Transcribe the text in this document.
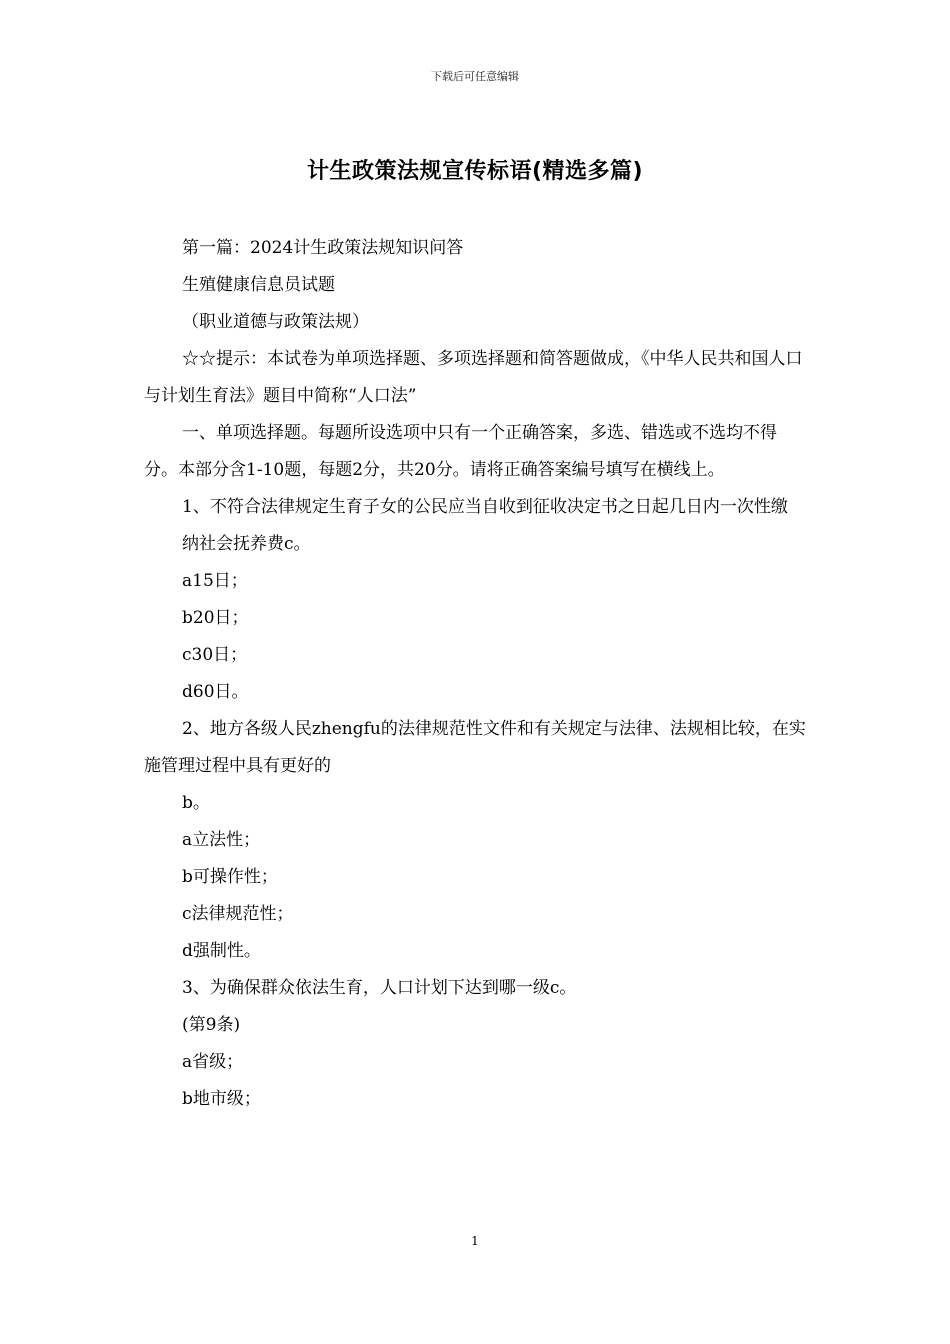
下载后可任意编辑
计生政策法规宣传标语(精选多篇)

第一篇：2024计生政策法规知识问答

生殖健康信息员试题

（职业道德与政策法规）

☆☆提示：本试卷为单项选择题、多项选择题和简答题做成，《中华人民共和国人口与计划生育法》题目中简称“人口法”

一、单项选择题。每题所设选项中只有一个正确答案，多选、错选或不选均不得分。本部分含1-10题，每题2分，共20分。请将正确答案编号填写在横线上。

1、不符合法律规定生育子女的公民应当自收到征收决定书之日起几日内一次性缴

纳社会抚养费c。

a15日；

b20日；

c30日；

d60日。

2、地方各级人民zhengfu的法律规范性文件和有关规定与法律、法规相比较，在实施管理过程中具有更好的

b。

a立法性；

b可操作性；

c法律规范性；

d强制性。

3、为确保群众依法生育，人口计划下达到哪一级c。

(第9条)

a省级；

b地市级；

1
